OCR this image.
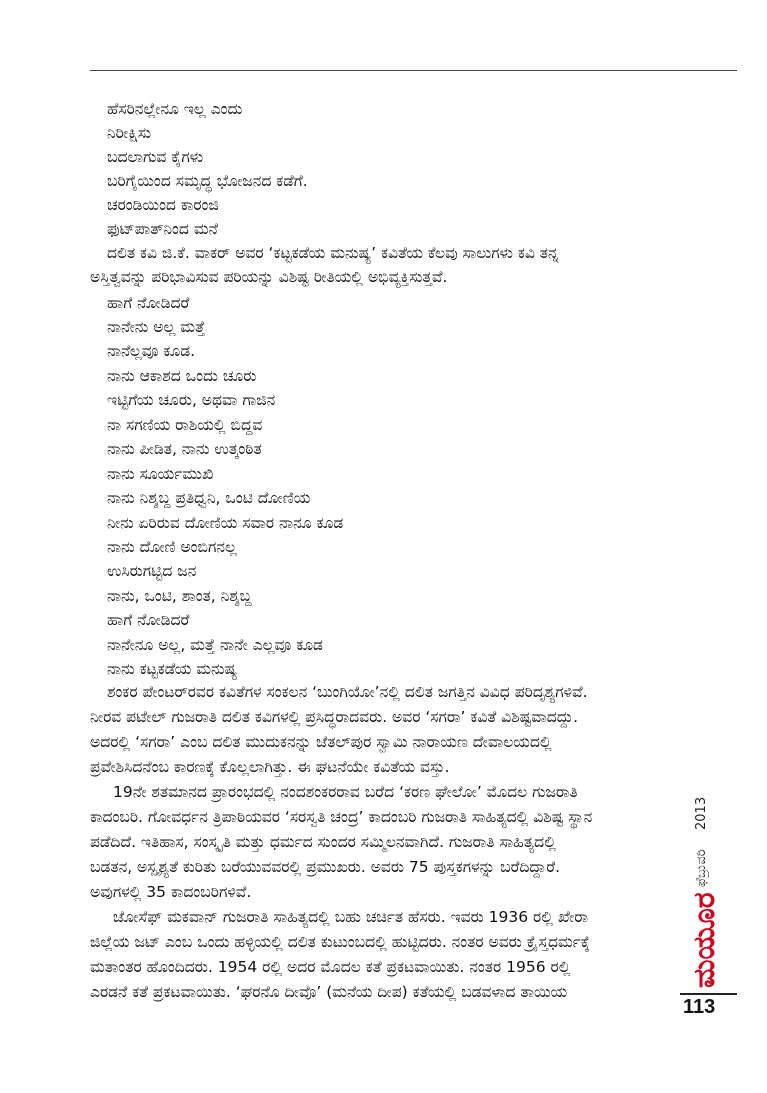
ಹೆಸರಿನಲ್ಲೇನೂ ಇಲ್ಲ ಎಂದು
ನಿರೀಕ್ಷಿಸು
ಬದಲಾಗುವ ಕೈಗಳು
ಬರಿಗೈಯಿಂದ ಸಮೃದ್ಧ ಭೋಜನದ ಕಡೆಗೆ.
ಚರಂಡಿಯಿಂದ ಕಾರಂಜಿ
ಫುಟ್‌ಪಾತ್‌ನಿಂದ ಮನೆ
ದಲಿತ ಕವಿ ಜಿ.ಕೆ. ವಾಕರ್ ಅವರ ‘ಕಟ್ಟಕಡೆಯ ಮನುಷ್ಯ’ ಕವಿತೆಯ ಕೆಲವು ಸಾಲುಗಳು ಕವಿ ತನ್ನ
ಅಸ್ತಿತ್ವವನ್ನು ಪರಿಭಾವಿಸುವ ಪರಿಯನ್ನು ವಿಶಿಷ್ಟ ರೀತಿಯಲ್ಲಿ ಅಭಿವ್ಯಕ್ತಿಸುತ್ತವೆ.
ಹಾಗೆ ನೋಡಿದರೆ
ನಾನೇನು ಅಲ್ಲ ಮತ್ತೆ
ನಾನೆಲ್ಲವೂ ಕೂಡ.
ನಾನು ಆಕಾಶದ ಒಂದು ಚೂರು
ಇಟ್ಟಿಗೆಯ ಚೂರು, ಅಥವಾ ಗಾಜಿನ
ನಾ ಸಗಣಿಯ ರಾಶಿಯಲ್ಲಿ ಬಿದ್ದವ
ನಾನು ಪೀಡಿತ, ನಾನು ಉತ್ಕಂಠಿತ
ನಾನು ಸೂರ್ಯಮುಖಿ
ನಾನು ನಿಶ್ಶಬ್ದ ಪ್ರತಿಧ್ವನಿ, ಒಂಟಿ ದೋಣಿಯ
ನೀನು ಏರಿರುವ ದೋಣಿಯ ಸವಾರ ನಾನೂ ಕೂಡ
ನಾನು ದೋಣಿ ಅಂಬಿಗನಲ್ಲ
ಉಸಿರುಗಟ್ಟಿದ ಜನ
ನಾನು, ಒಂಟಿ, ಶಾಂತ, ನಿಶ್ಶಬ್ದ
ಹಾಗೆ ನೋಡಿದರೆ
ನಾನೇನೂ ಅಲ್ಲ, ಮತ್ತೆ ನಾನೇ ಎಲ್ಲವೂ ಕೂಡ
ನಾನು ಕಟ್ಟಕಡೆಯ ಮನುಷ್ಯ
ಶಂಕರ ಪೇಂಟರ್‌ರವರ ಕವಿತೆಗಳ ಸಂಕಲನ ‘ಬುಂಗಿಯೋ’ನಲ್ಲಿ ದಲಿತ ಜಗತ್ತಿನ ವಿವಿಧ ಪರಿದೃಶ್ಯಗಳಿವೆ.
ನೀರವ ಪಟೇಲ್ ಗುಜರಾತಿ ದಲಿತ ಕವಿಗಳಲ್ಲಿ ಪ್ರಸಿದ್ಧರಾದವರು. ಅವರ ‘ಸಗರಾ’ ಕವಿತೆ ವಿಶಿಷ್ಟವಾದದ್ದು.
ಅದರಲ್ಲಿ ‘ಸಗರಾ’ ಎಂಬ ದಲಿತ ಮುದುಕನನ್ನು ಜೆತಲ್‌ಪುರ ಸ್ವಾಮಿ ನಾರಾಯಣ ದೇವಾಲಯದಲ್ಲಿ
ಪ್ರವೇಶಿಸಿದನೆಂಬ ಕಾರಣಕ್ಕೆ ಕೊಲ್ಲಲಾಗಿತ್ತು. ಈ ಘಟನೆಯೇ ಕವಿತೆಯ ವಸ್ತು.
19ನೇ ಶತಮಾನದ ಪ್ರಾರಂಭದಲ್ಲಿ ನಂದಶಂಕರರಾವ ಬರೆದ ‘ಕರಣ ಘೇಲೋ’ ಮೊದಲ ಗುಜರಾತಿ
ಕಾದಂಬರಿ. ಗೋವರ್ಧನ ತ್ರಿಪಾಠಿಯವರ ‘ಸರಸ್ವತಿ ಚಂದ್ರ’ ಕಾದಂಬರಿ ಗುಜರಾತಿ ಸಾಹಿತ್ಯದಲ್ಲಿ ವಿಶಿಷ್ಟ ಸ್ಥಾನ
ಪಡೆದಿದೆ. ಇತಿಹಾಸ, ಸಂಸ್ಕೃತಿ ಮತ್ತು ಧರ್ಮದ ಸುಂದರ ಸಮ್ಮಿಲನವಾಗಿದೆ. ಗುಜರಾತಿ ಸಾಹಿತ್ಯದಲ್ಲಿ
ಬಡತನ, ಅಸ್ಪೃಶ್ಯತೆ ಕುರಿತು ಬರೆಯುವವರಲ್ಲಿ ಪ್ರಮುಖರು. ಅವರು 75 ಪುಸ್ತಕಗಳನ್ನು ಬರೆದಿದ್ದಾರೆ.
ಅವುಗಳಲ್ಲಿ 35 ಕಾದಂಬರಿಗಳಿವೆ.
ಜೋಸೆಫ್ ಮಕವಾನ್ ಗುಜರಾತಿ ಸಾಹಿತ್ಯದಲ್ಲಿ ಬಹು ಚರ್ಚಿತ ಹೆಸರು. ಇವರು 1936 ರಲ್ಲಿ ಖೇರಾ
ಜಿಲ್ಲೆಯ ಜಟ್ ಎಂಬ ಒಂದು ಹಳ್ಳಿಯಲ್ಲಿ ದಲಿತ ಕುಟುಂಬದಲ್ಲಿ ಹುಟ್ಟಿದರು. ನಂತರ ಅವರು ಕ್ರೈಸ್ತಧರ್ಮಕ್ಕೆ
ಮತಾಂತರ ಹೊಂದಿದರು. 1954 ರಲ್ಲಿ ಅದರ ಮೊದಲ ಕತೆ ಪ್ರಕಟವಾಯಿತು. ನಂತರ 1956 ರಲ್ಲಿ
ಎರಡನೆ ಕತೆ ಪ್ರಕಟವಾಯಿತು. ‘ಘರನೊ ದೀವೊ’ (ಮನೆಯ ದೀಪ) ಕತೆಯಲ್ಲಿ ಬಡವಳಾದ ತಾಯಿಯ
2013
ಫೆಬ್ರುವರಿ
ಮಯೂರ
113
